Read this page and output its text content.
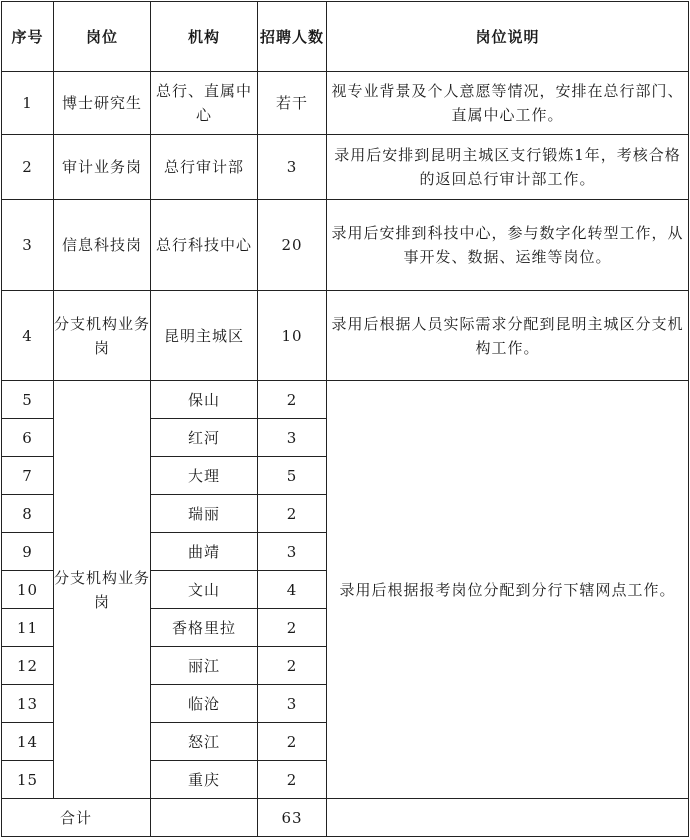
序号	岗位	机构	招聘人数	岗位说明
1	博士研究生	总行、直属中心	若干	视专业背景及个人意愿等情况，安排在总行部门、直属中心工作。
2	审计业务岗	总行审计部	3	录用后安排到昆明主城区支行锻炼1年，考核合格的返回总行审计部工作。
3	信息科技岗	总行科技中心	20	录用后安排到科技中心，参与数字化转型工作，从事开发、数据、运维等岗位。
4	分支机构业务岗	昆明主城区	10	录用后根据人员实际需求分配到昆明主城区分支机构工作。
5	分支机构业务岗	保山	2	录用后根据报考岗位分配到分行下辖网点工作。
6		红河	3	
7		大理	5	
8		瑞丽	2	
9		曲靖	3	
10		文山	4	
11		香格里拉	2	
12		丽江	2	
13		临沧	3	
14		怒江	2	
15		重庆	2	
合计			63	
